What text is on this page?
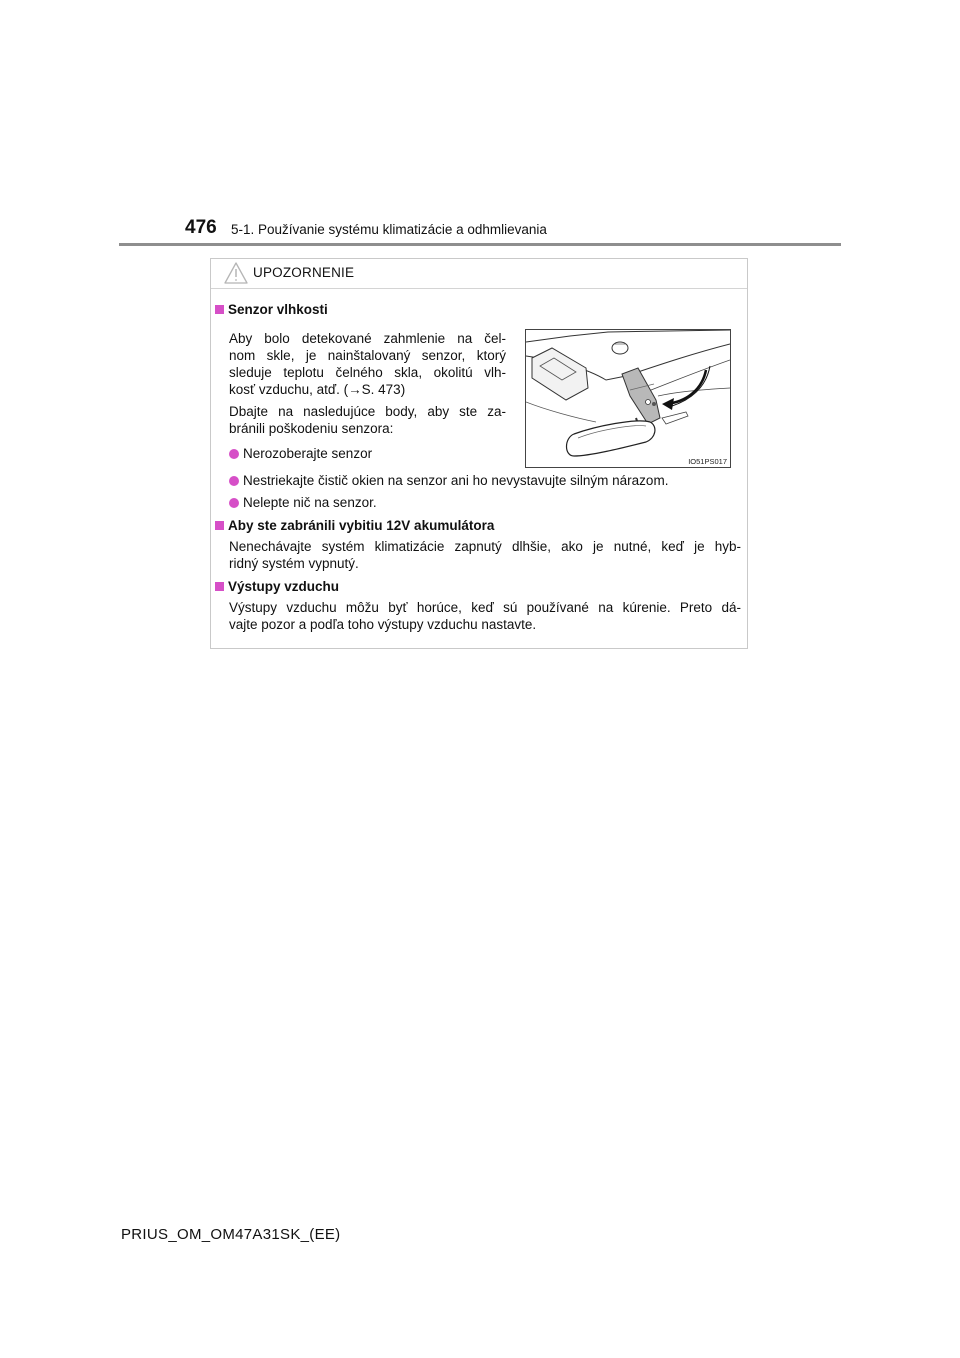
476 5-1. Používanie systému klimatizácie a odhmlievania
UPOZORNENIE
Senzor vlhkosti
Aby bolo detekované zahmlenie na čel-
nom skle, je nainštalovaný senzor, ktorý
sleduje teplotu čelného skla, okolitú vlh-
kosť vzduchu, atď. (→S. 473)
Dbajte na nasledujúce body, aby ste za-
bránili poškodeniu senzora:
Nerozoberajte senzor
IO51PS017
Nestriekajte čistič okien na senzor ani ho nevystavujte silným nárazom.
Nelepte nič na senzor.
Aby ste zabránili vybitiu 12V akumulátora
Nenechávajte systém klimatizácie zapnutý dlhšie, ako je nutné, keď je hyb-
ridný systém vypnutý.
Výstupy vzduchu
Výstupy vzduchu môžu byť horúce, keď sú používané na kúrenie. Preto dá-
vajte pozor a podľa toho výstupy vzduchu nastavte.
PRIUS_OM_OM47A31SK_(EE)
